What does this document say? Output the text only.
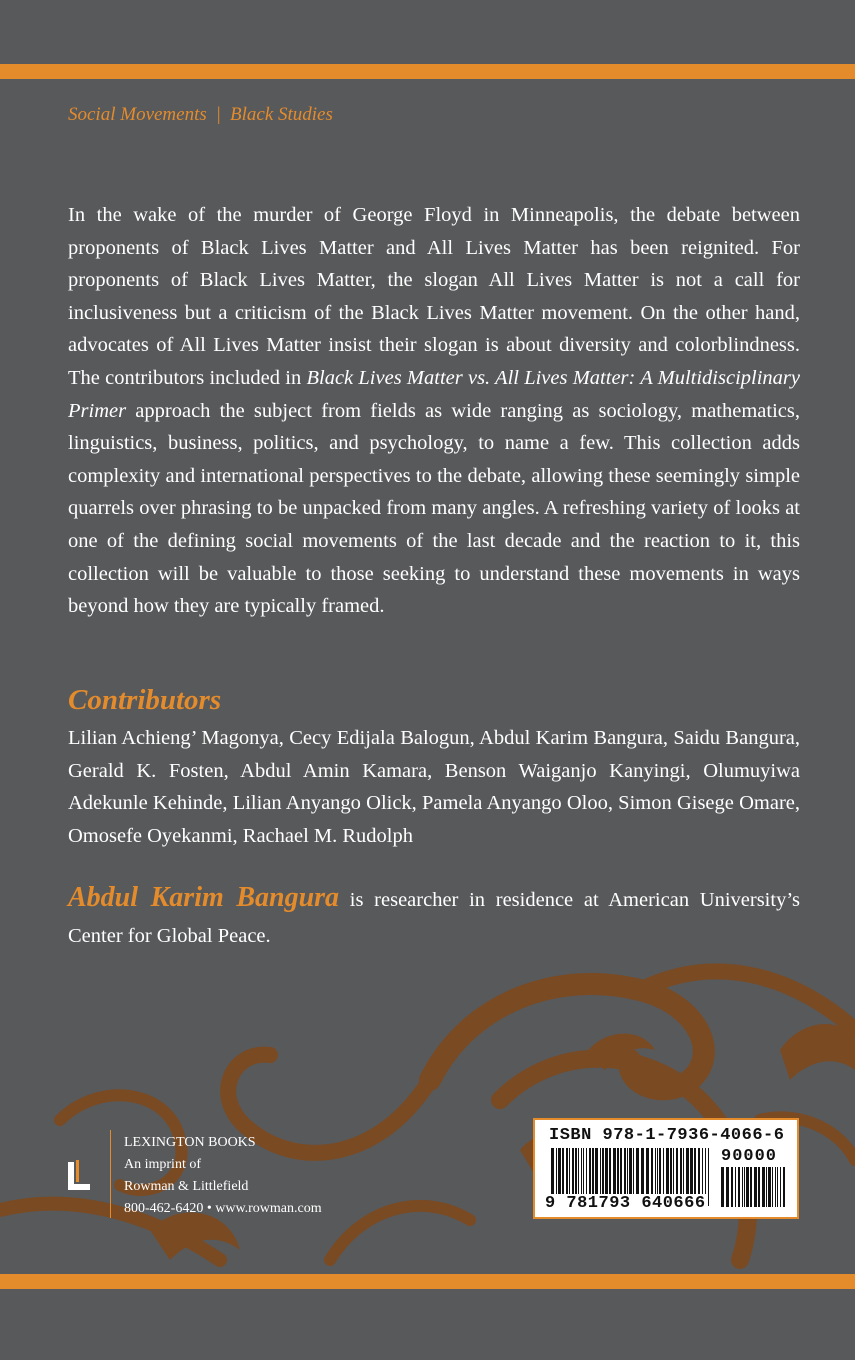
Social Movements | Black Studies

In the wake of the murder of George Floyd in Minneapolis, the debate between proponents of Black Lives Matter and All Lives Matter has been reignited. For proponents of Black Lives Matter, the slogan All Lives Matter is not a call for inclusiveness but a criticism of the Black Lives Matter movement. On the other hand, advocates of All Lives Matter insist their slogan is about diversity and colorblindness. The contributors included in Black Lives Matter vs. All Lives Matter: A Multidisciplinary Primer approach the subject from fields as wide ranging as sociology, mathematics, linguistics, business, politics, and psychology, to name a few. This collection adds complexity and international perspectives to the debate, allowing these seemingly simple quarrels over phrasing to be unpacked from many angles. A refreshing variety of looks at one of the defining social movements of the last decade and the reaction to it, this collection will be valuable to those seeking to understand these movements in ways beyond how they are typically framed.

Contributors
Lilian Achieng’ Magonya, Cecy Edijala Balogun, Abdul Karim Bangura, Saidu Bangura, Gerald K. Fosten, Abdul Amin Kamara, Benson Waiganjo Kanyingi, Olumuyiwa Adekunle Kehinde, Lilian Anyango Olick, Pamela Anyango Oloo, Simon Gisege Omare, Omosefe Oyekanmi, Rachael M. Rudolph
Abdul Karim Bangura is researcher in residence at American University’s Center for Global Peace.
LEXINGTON BOOKS
An imprint of
Rowman & Littlefield
800-462-6420 • www.rowman.com
ISBN 978-1-7936-4066-6
90000
9 781793 640666
